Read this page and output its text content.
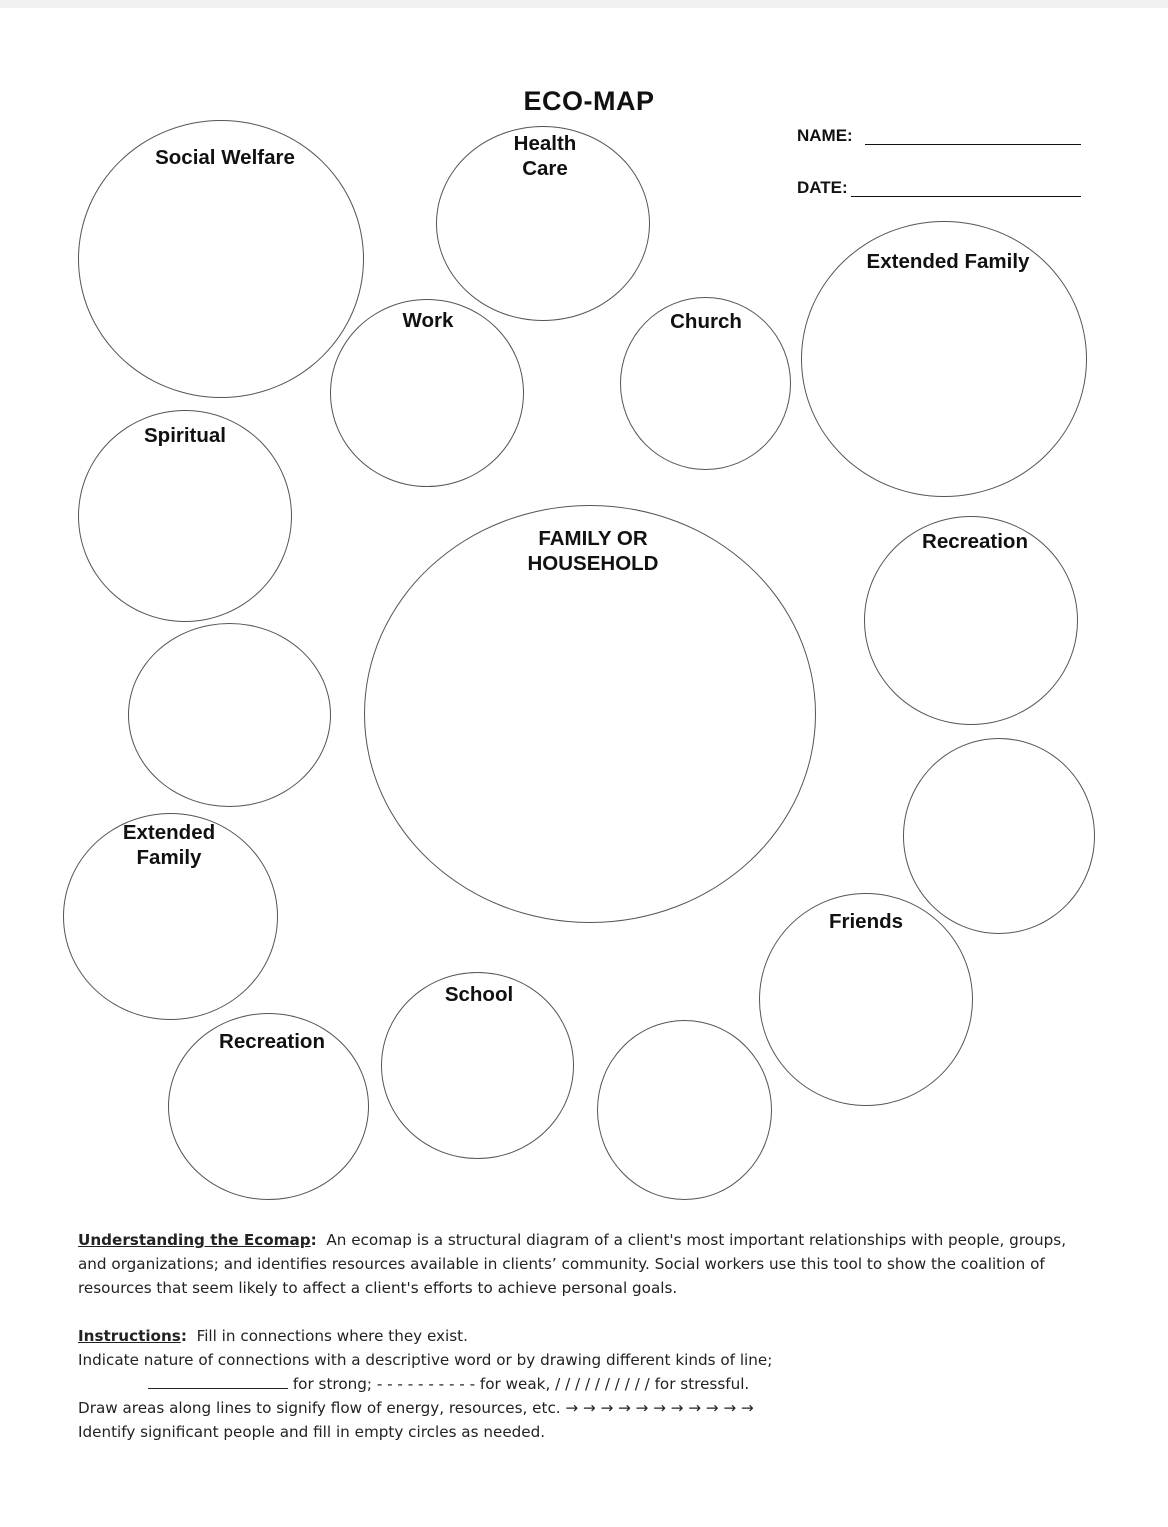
ECO-MAP
NAME:
DATE:
Social Welfare
Health
Care
Extended Family
Work	Church
Spiritual
FAMILY OR
HOUSEHOLD
Recreation
Extended
Family
Friends
School
Recreation

Understanding the Ecomap: An ecomap is a structural diagram of a client's most important relationships with people, groups, and organizations; and identifies resources available in clients’ community. Social workers use this tool to show the coalition of resources that seem likely to affect a client's efforts to achieve personal goals.

Instructions: Fill in connections where they exist.

Indicate nature of connections with a descriptive word or by drawing different kinds of line;

for strong; - - - - - - - - - - for weak, / / / / / / / / / / for stressful.

Draw areas along lines to signify flow of energy, resources, etc. → → → → → → → → → → →

Identify significant people and fill in empty circles as needed.
